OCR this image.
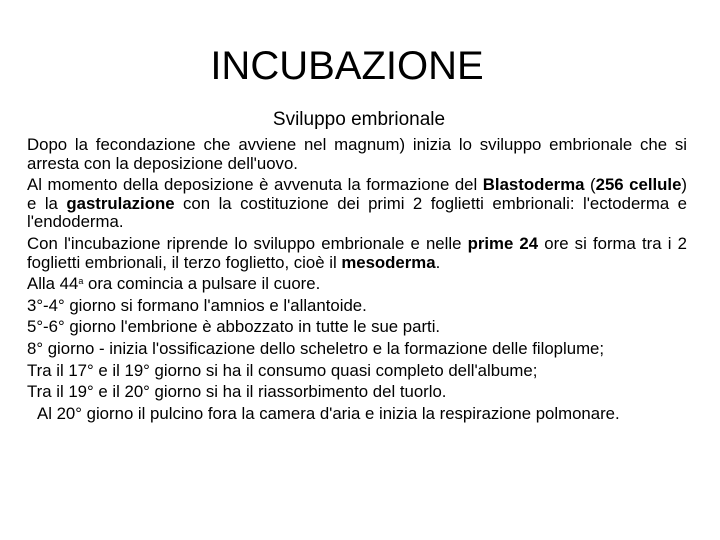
INCUBAZIONE
Sviluppo embrionale

Dopo la fecondazione che avviene nel magnum) inizia lo sviluppo embrionale che si arresta con la deposizione dell'uovo.

Al momento della deposizione è avvenuta la formazione del Blastoderma (256 cellule) e la gastrulazione con la costituzione dei primi 2 foglietti embrionali: l'ectoderma e l'endoderma.

Con l'incubazione riprende lo sviluppo embrionale e nelle prime 24 ore si forma tra i 2 foglietti embrionali, il terzo foglietto, cioè il mesoderma.

Alla 44$^a$ ora comincia a pulsare il cuore.

3°-4° giorno si formano l'amnios e l'allantoide.

5°-6° giorno l'embrione è abbozzato in tutte le sue parti.

8° giorno - inizia l'ossificazione dello scheletro e la formazione delle filoplume;

Tra il 17° e il 19° giorno si ha il consumo quasi completo dell'albume;

Tra il 19° e il 20° giorno si ha il riassorbimento del tuorlo.

Al 20° giorno il pulcino fora la camera d'aria e inizia la respirazione polmonare.
